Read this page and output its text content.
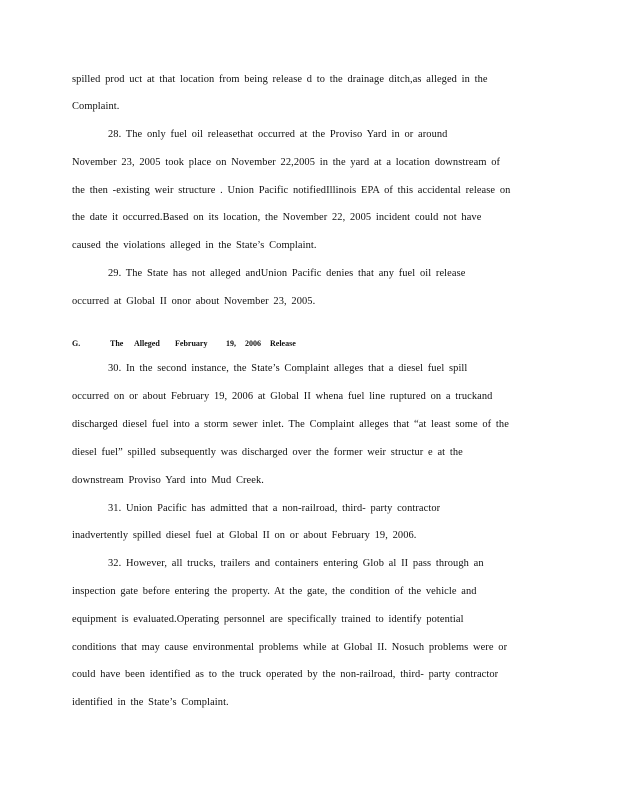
spilled prod uct at that location from being release d to the drainage ditch,as alleged in the
Complaint.
28. The only fuel oil releasethat occurred at the Proviso Yard in or around
November 23, 2005 took place on November 22,2005 in the yard at a location downstream of
the then -existing weir structure . Union Pacific notifiedIllinois EPA of this accidental release on
the date it occurred.Based on its location, the November 22, 2005 incident could not have
caused the violations alleged in the State’s Complaint.
29. The State has not alleged andUnion Pacific denies that any fuel oil release
occurred at Global II onor about November 23, 2005.
G.	The Alleged February 19, 2006 Release
30. In the second instance, the State’s Complaint alleges that a diesel fuel spill
occurred on or about February 19, 2006 at Global II whena fuel line ruptured on a truckand
discharged diesel fuel into a storm sewer inlet. The Complaint alleges that “at least some of the
diesel fuel” spilled subsequently was discharged over the former weir structur e at the
downstream Proviso Yard into Mud Creek.
31. Union Pacific has admitted that a non-railroad, third- party contractor
inadvertently spilled diesel fuel at Global II on or about February 19, 2006.
32. However, all trucks, trailers and containers entering Glob al II pass through an
inspection gate before entering the property. At the gate, the condition of the vehicle and
equipment is evaluated.Operating personnel are specifically trained to identify potential
conditions that may cause environmental problems while at Global II. Nosuch problems were or
could have been identified as to the truck operated by the non-railroad, third- party contractor
identified in the State’s Complaint.
